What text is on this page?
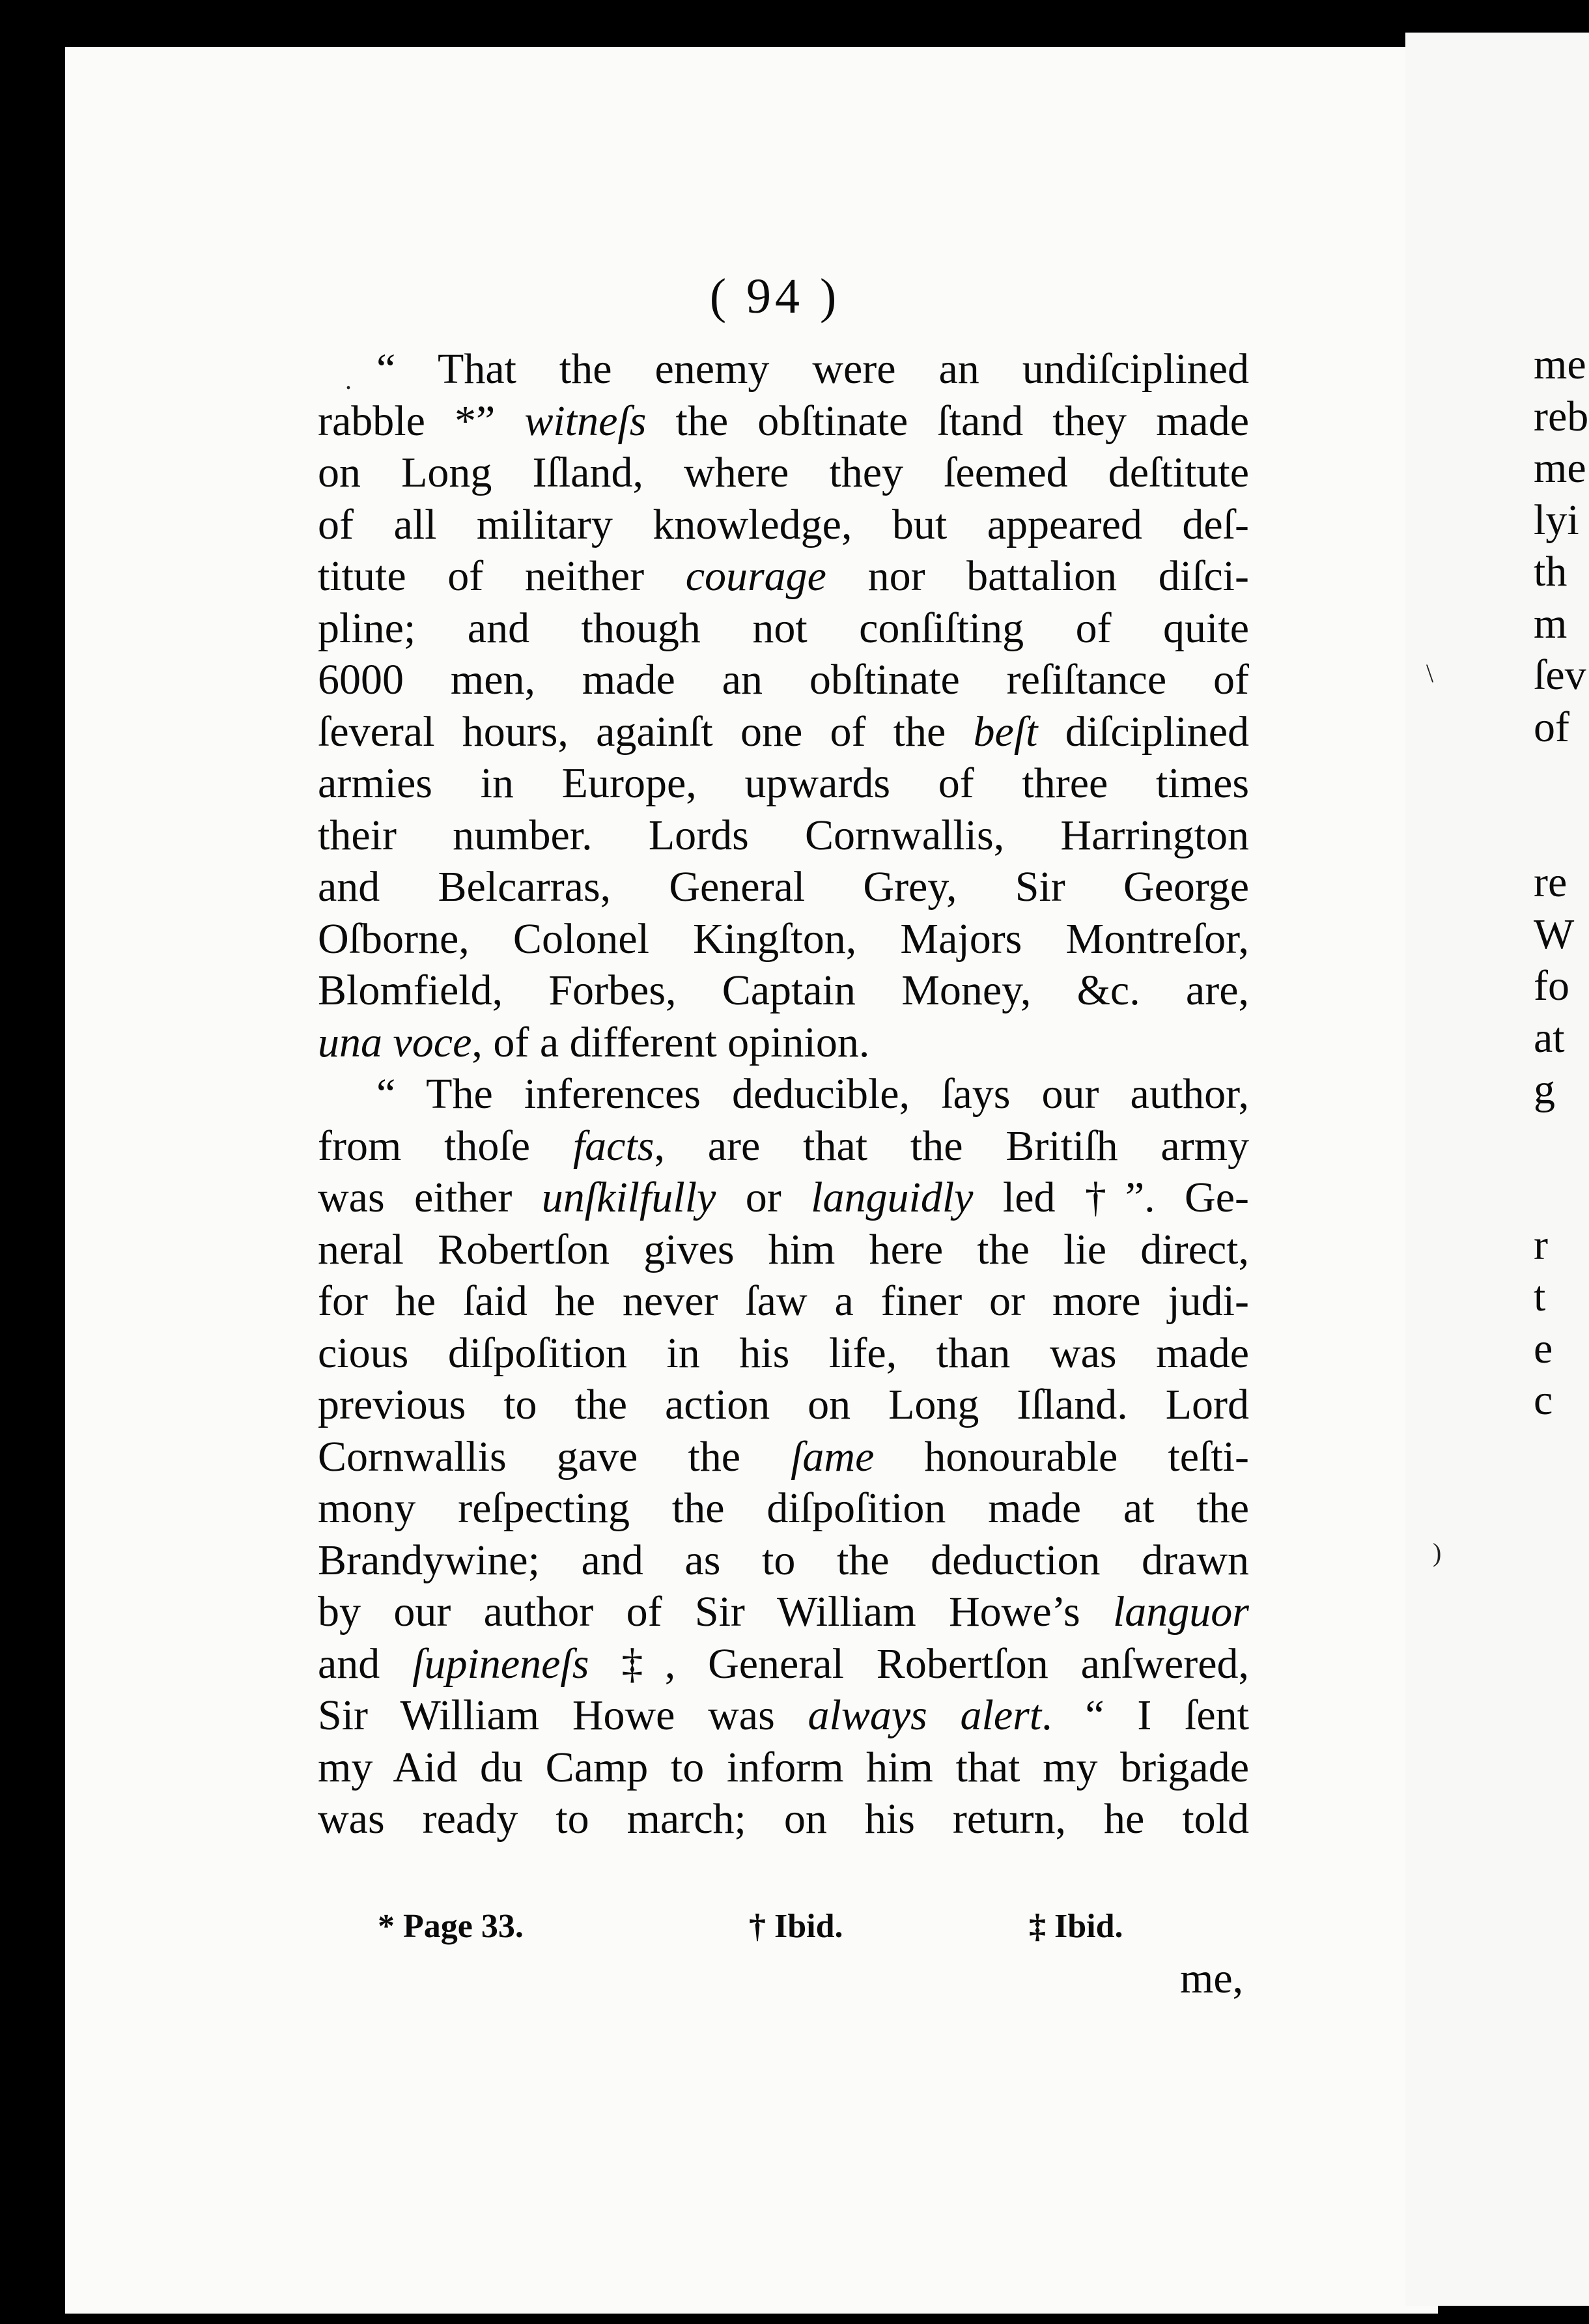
( 94 )
“ That the enemy were an undiſciplined
rabble *” witneſs the obſtinate ſtand they made
on Long Iſland, where they ſeemed deſtitute
of all military knowledge, but appeared deſ-
titute of neither courage nor battalion diſci-
pline; and though not conſiſting of quite
6000 men, made an obſtinate reſiſtance of
ſeveral hours, againſt one of the beſt diſciplined
armies in Europe, upwards of three times
their number. Lords Cornwallis, Harrington
and Belcarras, General Grey, Sir George
Oſborne, Colonel Kingſton, Majors Montreſor,
Blomfield, Forbes, Captain Money, &c. are,
una voce, of a different opinion.
“ The inferences deducible, ſays our author,
from thoſe facts, are that the Britiſh army
was either unſkilfully or languidly led †”. Ge-
neral Robertſon gives him here the lie direct,
for he ſaid he never ſaw a finer or more judi-
cious diſpoſition in his life, than was made
previous to the action on Long Iſland. Lord
Cornwallis gave the ſame honourable teſti-
mony reſpecting the diſpoſition made at the
Brandywine; and as to the deduction drawn
by our author of Sir William Howe’s languor
and ſupineneſs ‡, General Robertſon anſwered,
Sir William Howe was always alert. “ I ſent
my Aid du Camp to inform him that my brigade
was ready to march; on his return, he told
* Page 33.	† Ibid.	‡ Ibid.
me,
me
reb
me
lyi
th
m
ſev
of
re
W
fo
at
g
r
t
e
c
.
\
)
